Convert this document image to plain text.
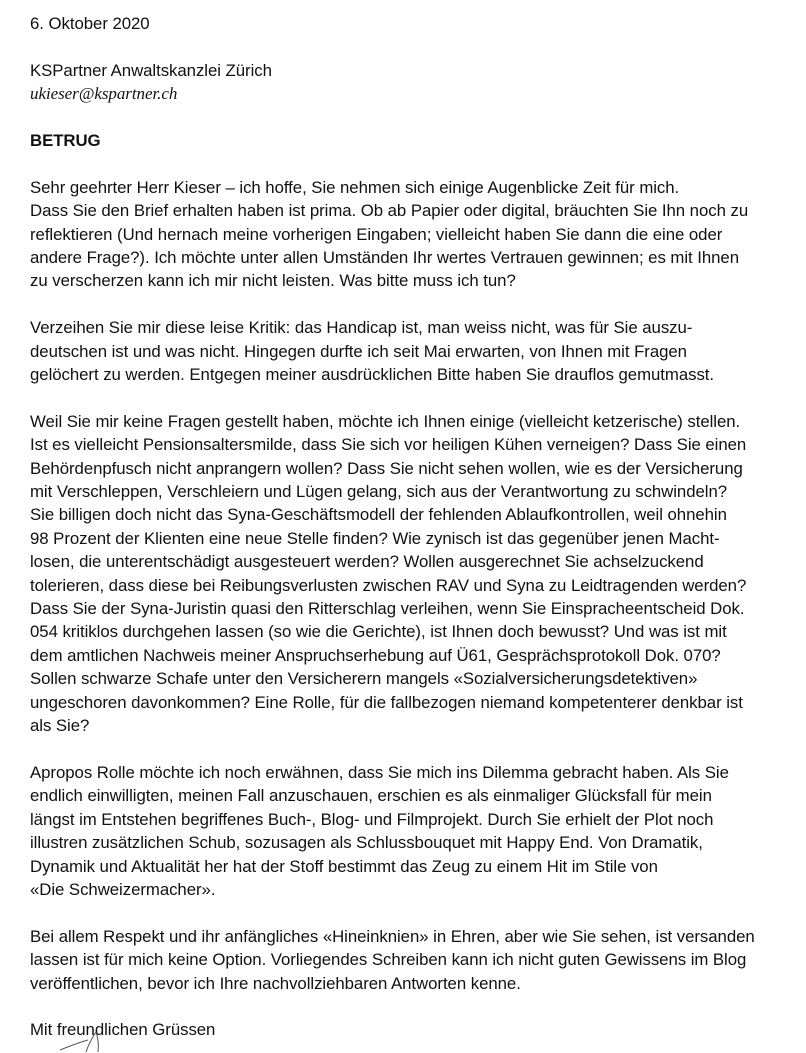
6. Oktober 2020
KSPartner Anwaltskanzlei Zürich
ukieser@kspartner.ch
BETRUG
Sehr geehrter Herr Kieser – ich hoffe, Sie nehmen sich einige Augenblicke Zeit für mich.
Dass Sie den Brief erhalten haben ist prima. Ob ab Papier oder digital, bräuchten Sie Ihn noch zu
reflektieren (Und hernach meine vorherigen Eingaben; vielleicht haben Sie dann die eine oder
andere Frage?). Ich möchte unter allen Umständen Ihr wertes Vertrauen gewinnen; es mit Ihnen
zu verscherzen kann ich mir nicht leisten. Was bitte muss ich tun?
Verzeihen Sie mir diese leise Kritik: das Handicap ist, man weiss nicht, was für Sie auszu-
deutschen ist und was nicht. Hingegen durfte ich seit Mai erwarten, von Ihnen mit Fragen
gelöchert zu werden. Entgegen meiner ausdrücklichen Bitte haben Sie drauflos gemutmasst.
Weil Sie mir keine Fragen gestellt haben, möchte ich Ihnen einige (vielleicht ketzerische) stellen.
Ist es vielleicht Pensionsaltersmilde, dass Sie sich vor heiligen Kühen verneigen? Dass Sie einen
Behördenpfusch nicht anprangern wollen? Dass Sie nicht sehen wollen, wie es der Versicherung
mit Verschleppen, Verschleiern und Lügen gelang, sich aus der Verantwortung zu schwindeln?
Sie billigen doch nicht das Syna-Geschäftsmodell der fehlenden Ablaufkontrollen, weil ohnehin
98 Prozent der Klienten eine neue Stelle finden? Wie zynisch ist das gegenüber jenen Macht-
losen, die unterentschädigt ausgesteuert werden? Wollen ausgerechnet Sie achselzuckend
tolerieren, dass diese bei Reibungsverlusten zwischen RAV und Syna zu Leidtragenden werden?
Dass Sie der Syna-Juristin quasi den Ritterschlag verleihen, wenn Sie Einspracheentscheid Dok.
054 kritiklos durchgehen lassen (so wie die Gerichte), ist Ihnen doch bewusst? Und was ist mit
dem amtlichen Nachweis meiner Anspruchserhebung auf Ü61, Gesprächsprotokoll Dok. 070?
Sollen schwarze Schafe unter den Versicherern mangels «Sozialversicherungsdetektiven»
ungeschoren davonkommen? Eine Rolle, für die fallbezogen niemand kompetenterer denkbar ist
als Sie?
Apropos Rolle möchte ich noch erwähnen, dass Sie mich ins Dilemma gebracht haben. Als Sie
endlich einwilligten, meinen Fall anzuschauen, erschien es als einmaliger Glücksfall für mein
längst im Entstehen begriffenes Buch-, Blog- und Filmprojekt. Durch Sie erhielt der Plot noch
illustren zusätzlichen Schub, sozusagen als Schlussbouquet mit Happy End. Von Dramatik,
Dynamik und Aktualität her hat der Stoff bestimmt das Zeug zu einem Hit im Stile von
«Die Schweizermacher».
Bei allem Respekt und ihr anfängliches «Hineinknien» in Ehren, aber wie Sie sehen, ist versanden
lassen ist für mich keine Option. Vorliegendes Schreiben kann ich nicht guten Gewissens im Blog
veröffentlichen, bevor ich Ihre nachvollziehbaren Antworten kenne.
Mit freundlichen Grüssen
